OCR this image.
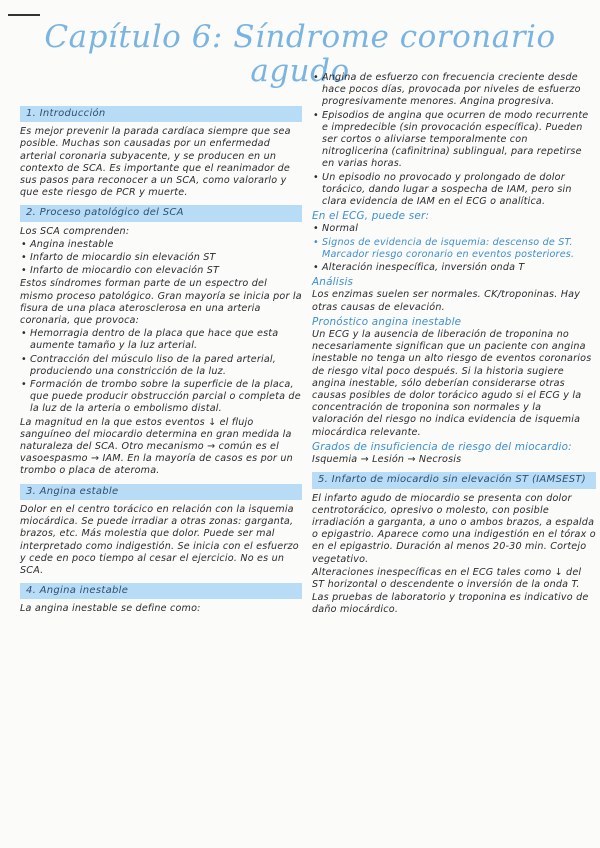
Capítulo 6: Síndrome coronario agudo
1. Introducción

Es mejor prevenir la parada cardíaca siempre que sea posible. Muchas son causadas por un enfermedad arterial coronaria subyacente, y se producen en un contexto de SCA. Es importante que el reanimador de sus pasos para reconocer a un SCA, como valorarlo y que este riesgo de PCR y muerte.

2. Proceso patológico del SCA

Los SCA comprenden:

• Angina inestable
• Infarto de miocardio sin elevación ST
• Infarto de miocardio con elevación ST

Estos síndromes forman parte de un espectro del mismo proceso patológico. Gran mayoría se inicia por la fisura de una placa aterosclerosa en una arteria coronaria, que provoca:

• Hemorragia dentro de la placa que hace que esta aumente tamaño y la luz arterial.
• Contracción del músculo liso de la pared arterial, produciendo una constricción de la luz.
• Formación de trombo sobre la superficie de la placa, que puede producir obstrucción parcial o completa de la luz de la arteria o embolismo distal.

La magnitud en la que estos eventos ↓ el flujo sanguíneo del miocardio determina en gran medida la naturaleza del SCA. Otro mecanismo → común es el vasoespasmo → IAM. En la mayoría de casos es por un trombo o placa de ateroma.

3. Angina estable

Dolor en el centro torácico en relación con la isquemia miocárdica. Se puede irradiar a otras zonas: garganta, brazos, etc. Más molestia que dolor. Puede ser mal interpretado como indigestión. Se inicia con el esfuerzo y cede en poco tiempo al cesar el ejercicio. No es un SCA.

4. Angina inestable

La angina inestable se define como:

• Angina de esfuerzo con frecuencia creciente desde hace pocos días, provocada por niveles de esfuerzo progresivamente menores. Angina progresiva.
• Episodios de angina que ocurren de modo recurrente e impredecible (sin provocación específica). Pueden ser cortos o aliviarse temporalmente con nitroglicerina (cafinitrina) sublingual, para repetirse en varias horas.
• Un episodio no provocado y prolongado de dolor torácico, dando lugar a sospecha de IAM, pero sin clara evidencia de IAM en el ECG o analítica.
En el ECG, puede ser:
• Normal
• Signos de evidencia de isquemia: descenso de ST. Marcador riesgo coronario en eventos posteriores.
• Alteración inespecífica, inversión onda T
Análisis

Los enzimas suelen ser normales. CK/troponinas. Hay otras causas de elevación.

Pronóstico angina inestable

Un ECG y la ausencia de liberación de troponina no necesariamente significan que un paciente con angina inestable no tenga un alto riesgo de eventos coronarios de riesgo vital poco después. Si la historia sugiere angina inestable, sólo deberían considerarse otras causas posibles de dolor torácico agudo si el ECG y la concentración de troponina son normales y la valoración del riesgo no indica evidencia de isquemia miocárdica relevante.

Grados de insuficiencia de riesgo del miocardio:

Isquemia → Lesión → Necrosis

5. Infarto de miocardio sin elevación ST (IAMSEST)

El infarto agudo de miocardio se presenta con dolor centrotorácico, opresivo o molesto, con posible irradiación a garganta, a uno o ambos brazos, a espalda o epigastrio. Aparece como una indigestión en el tórax o en el epigastrio. Duración al menos 20-30 min. Cortejo vegetativo.

Alteraciones inespecíficas en el ECG tales como ↓ del ST horizontal o descendente o inversión de la onda T.

Las pruebas de laboratorio y troponina es indicativo de daño miocárdico.
